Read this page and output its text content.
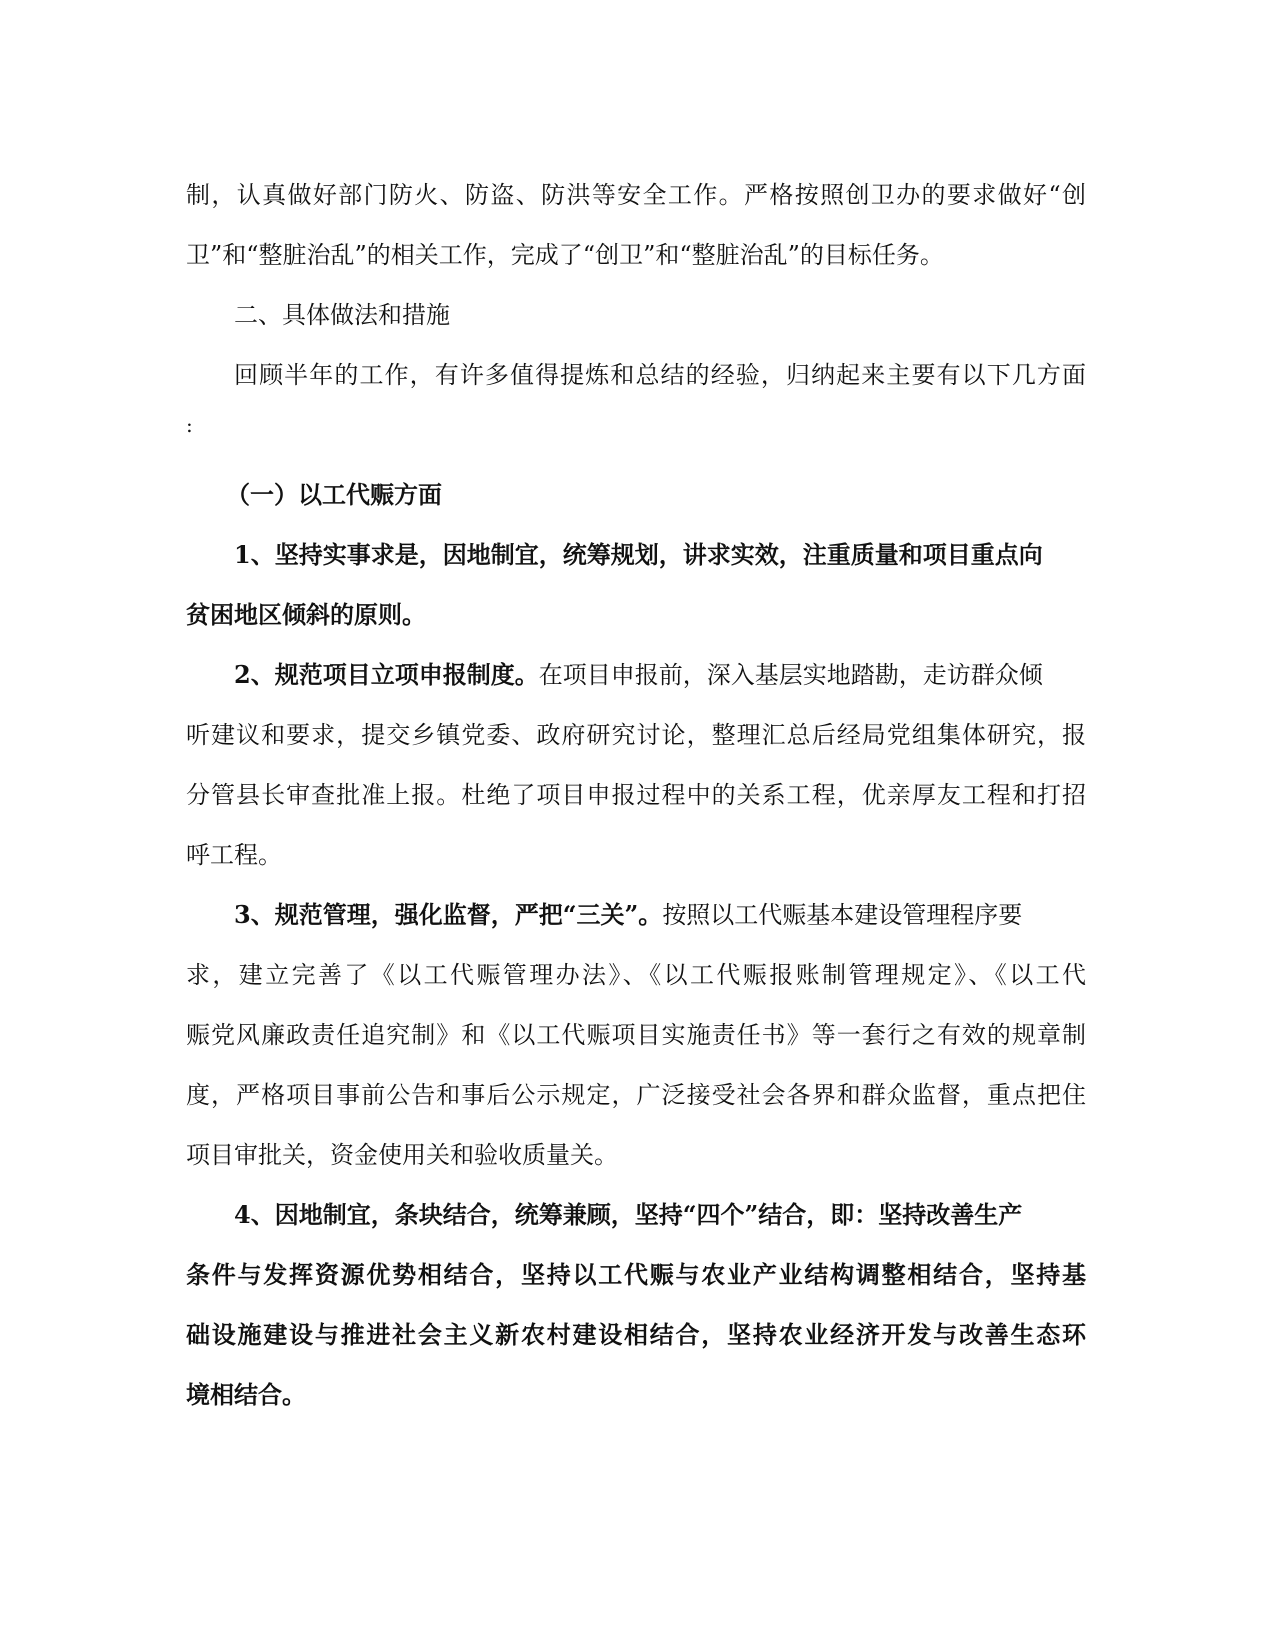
制，认真做好部门防火、防盗、防洪等安全工作。严格按照创卫办的要求做好“创
卫”和“整脏治乱”的相关工作，完成了“创卫”和“整脏治乱”的目标任务。
二、具体做法和措施
回顾半年的工作，有许多值得提炼和总结的经验，归纳起来主要有以下几方面
:
（一）以工代赈方面
1、坚持实事求是，因地制宜，统筹规划，讲求实效，注重质量和项目重点向
贫困地区倾斜的原则。
2、规范项目立项申报制度。在项目申报前，深入基层实地踏勘，走访群众倾
听建议和要求，提交乡镇党委、政府研究讨论，整理汇总后经局党组集体研究，报
分管县长审查批准上报。杜绝了项目申报过程中的关系工程，优亲厚友工程和打招
呼工程。
3、规范管理，强化监督，严把“三关”。按照以工代赈基本建设管理程序要
求，建立完善了《以工代赈管理办法》、《以工代赈报账制管理规定》、《以工代
赈党风廉政责任追究制》和《以工代赈项目实施责任书》等一套行之有效的规章制
度，严格项目事前公告和事后公示规定，广泛接受社会各界和群众监督，重点把住
项目审批关，资金使用关和验收质量关。
4、因地制宜，条块结合，统筹兼顾，坚持“四个”结合，即：坚持改善生产
条件与发挥资源优势相结合，坚持以工代赈与农业产业结构调整相结合，坚持基
础设施建设与推进社会主义新农村建设相结合，坚持农业经济开发与改善生态环
境相结合。
